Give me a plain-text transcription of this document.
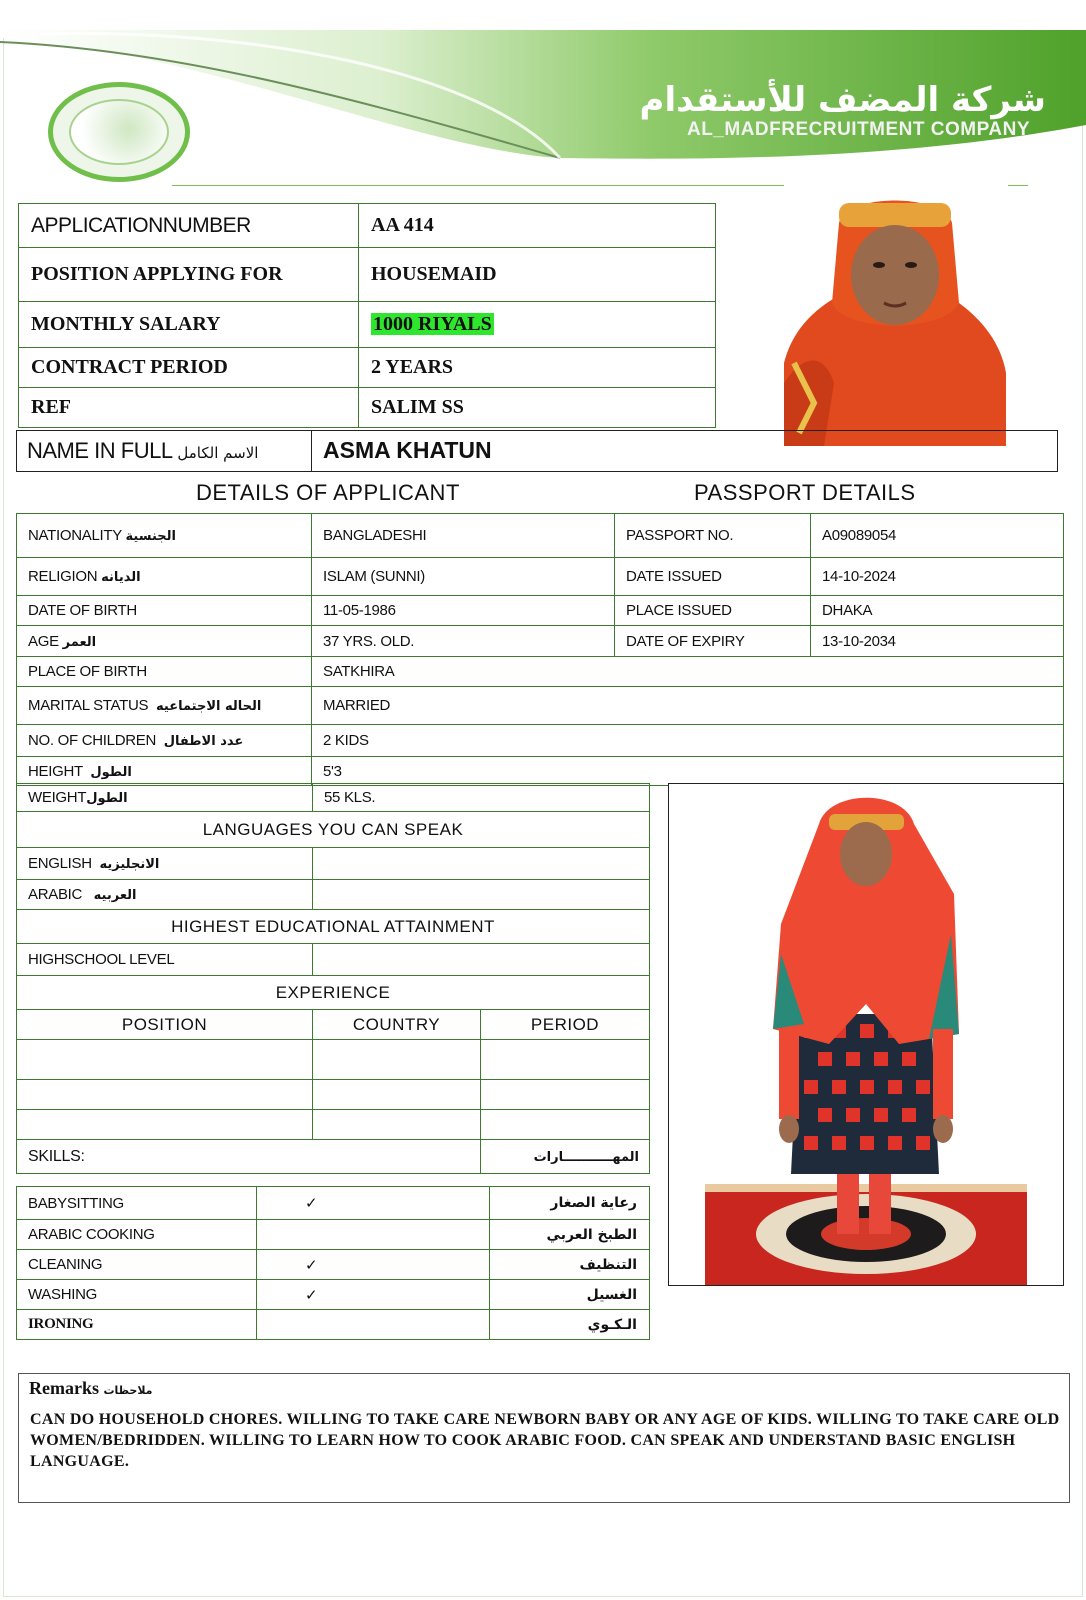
شركة المضف للأستقدام
AL_MADFRECRUITMENT COMPANY
APPLICATIONNUMBER	AA 414
POSITION APPLYING FOR	HOUSEMAID
MONTHLY SALARY	1000 RIYALS
CONTRACT PERIOD	2 YEARS
REF	SALIM SS
NAME IN FULL الاسم الكامل	ASMA KHATUN
DETAILS OF APPLICANT	PASSPORT DETAILS
NATIONALITY الجنسية	BANGLADESHI	PASSPORT NO.	A09089054
RELIGION الديانه	ISLAM (SUNNI)	DATE ISSUED	14-10-2024
DATE OF BIRTH	11-05-1986	PLACE ISSUED	DHAKA
AGE العمر	37 YRS. OLD.	DATE OF EXPIRY	13-10-2034
PLACE OF BIRTH	SATKHIRA		
MARITAL STATUS الحاله الاجتماعيه	MARRIED		
NO. OF CHILDREN عدد الاطفال	2 KIDS		
HEIGHT الطول	5'3		
WEIGHTالطول	55 KLS.	
LANGUAGES YOU CAN SPEAK		
ENGLISH الانجليزيه		
ARABIC العربيه		
HIGHEST EDUCATIONAL ATTAINMENT		
HIGHSCHOOL LEVEL		
EXPERIENCE		
POSITION	COUNTRY	PERIOD

SKILLS:		المهـــــــــــارات
BABYSITTING	✓	رعاية الصغار
ARABIC COOKING		الطبخ العربي
CLEANING	✓	التنظيف
WASHING	✓	الغسيل
IRONING		الـكـوي
Remarks ملاحظات
CAN DO HOUSEHOLD CHORES. WILLING TO TAKE CARE NEWBORN BABY OR ANY AGE OF KIDS. WILLING TO TAKE CARE OLD WOMEN/BEDRIDDEN. WILLING TO LEARN HOW TO COOK ARABIC FOOD. CAN SPEAK AND UNDERSTAND BASIC ENGLISH LANGUAGE.
